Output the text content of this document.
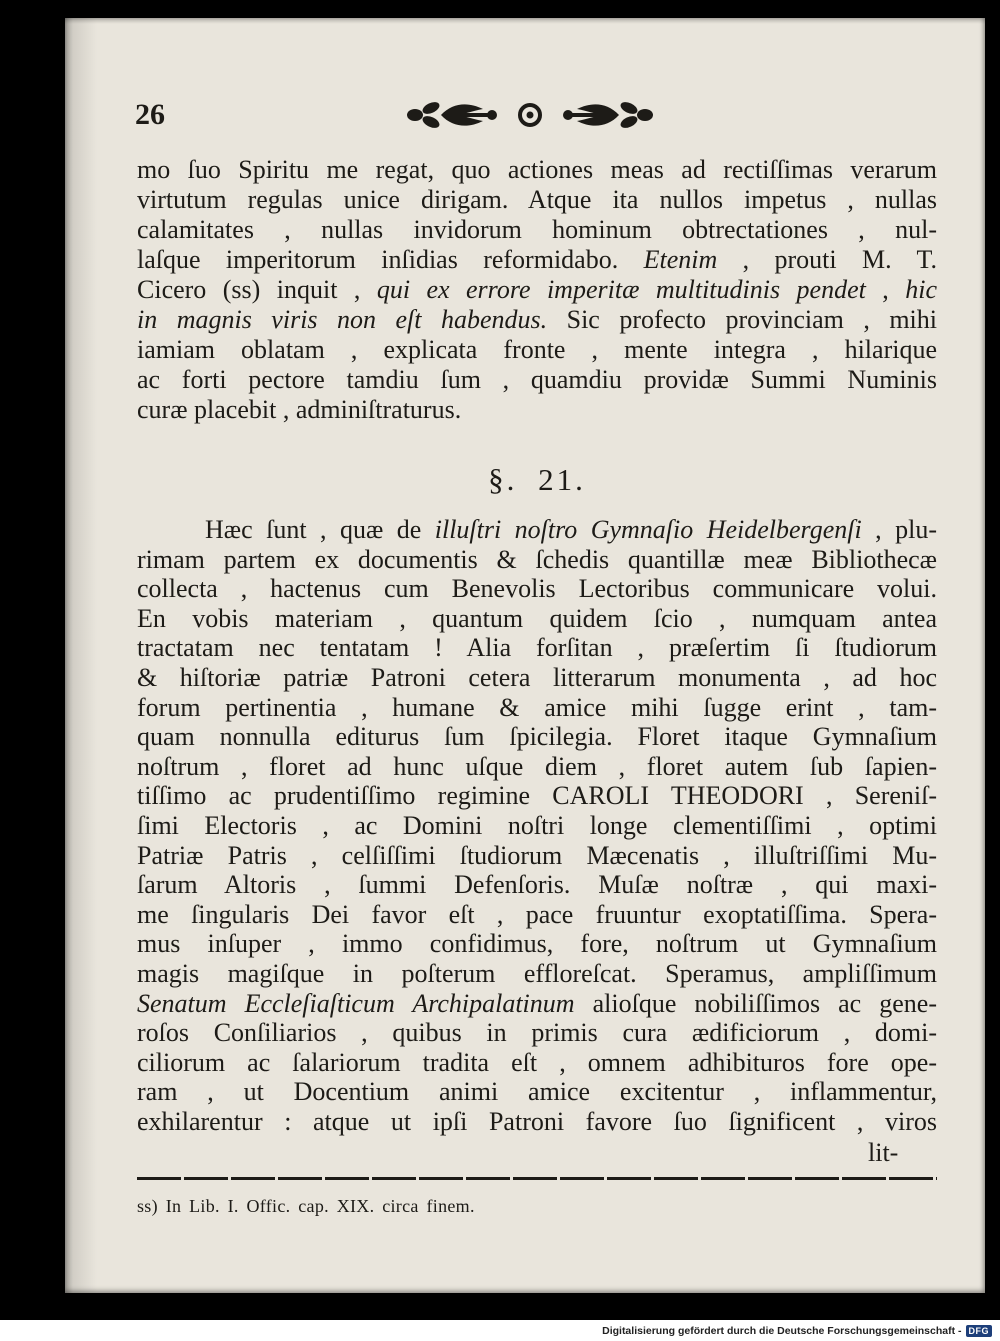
26
mo ſuo Spiritu me regat, quo actiones meas ad rectiſſimas verarum
virtutum regulas unice dirigam. Atque ita nullos impetus , nullas
calamitates , nullas invidorum hominum obtrectationes , nul-
laſque imperitorum inſidias reformidabo. Etenim , prouti M. T.
Cicero (ss) inquit , qui ex errore imperitæ multitudinis pendet , hic
in magnis viris non eſt habendus. Sic profecto provinciam , mihi
iamiam oblatam , explicata fronte , mente integra , hilarique
ac forti pectore tamdiu ſum , quamdiu providæ Summi Numinis
curæ placebit , adminiſtraturus.
§. 21.
Hæc ſunt , quæ de illuſtri noſtro Gymnaſio Heidelbergenſi , plu-
rimam partem ex documentis & ſchedis quantillæ meæ Bibliothecæ
collecta , hactenus cum Benevolis Lectoribus communicare volui.
En vobis materiam , quantum quidem ſcio , numquam antea
tractatam nec tentatam ! Alia forſitan , præſertim ſi ſtudiorum
& hiſtoriæ patriæ Patroni cetera litterarum monumenta , ad hoc
forum pertinentia , humane & amice mihi ſugge erint , tam-
quam nonnulla editurus ſum ſpicilegia. Floret itaque Gymnaſium
noſtrum , floret ad hunc uſque diem , floret autem ſub ſapien-
tiſſimo ac prudentiſſimo regimine CAROLI THEODORI , Sereniſ-
ſimi Electoris , ac Domini noſtri longe clementiſſimi , optimi
Patriæ Patris , celſiſſimi ſtudiorum Mæcenatis , illuſtriſſimi Mu-
ſarum Altoris , ſummi Defenſoris. Muſæ noſtræ , qui maxi-
me ſingularis Dei favor eſt , pace fruuntur exoptatiſſima. Spera-
mus inſuper , immo confidimus, fore, noſtrum ut Gymnaſium
magis magiſque in poſterum effloreſcat. Speramus, ampliſſimum
Senatum Eccleſiaſticum Archipalatinum alioſque nobiliſſimos ac gene-
roſos Conſiliarios , quibus in primis cura ædificiorum , domi-
ciliorum ac ſalariorum tradita eſt , omnem adhibituros fore ope-
ram , ut Docentium animi amice excitentur , inflammentur,
exhilarentur : atque ut ipſi Patroni favore ſuo ſignificent , viros
lit-
ss) In Lib. I. Offic. cap. XIX. circa finem.
Digitalisierung gefördert durch die Deutsche Forschungsgemeinschaft - DFG
